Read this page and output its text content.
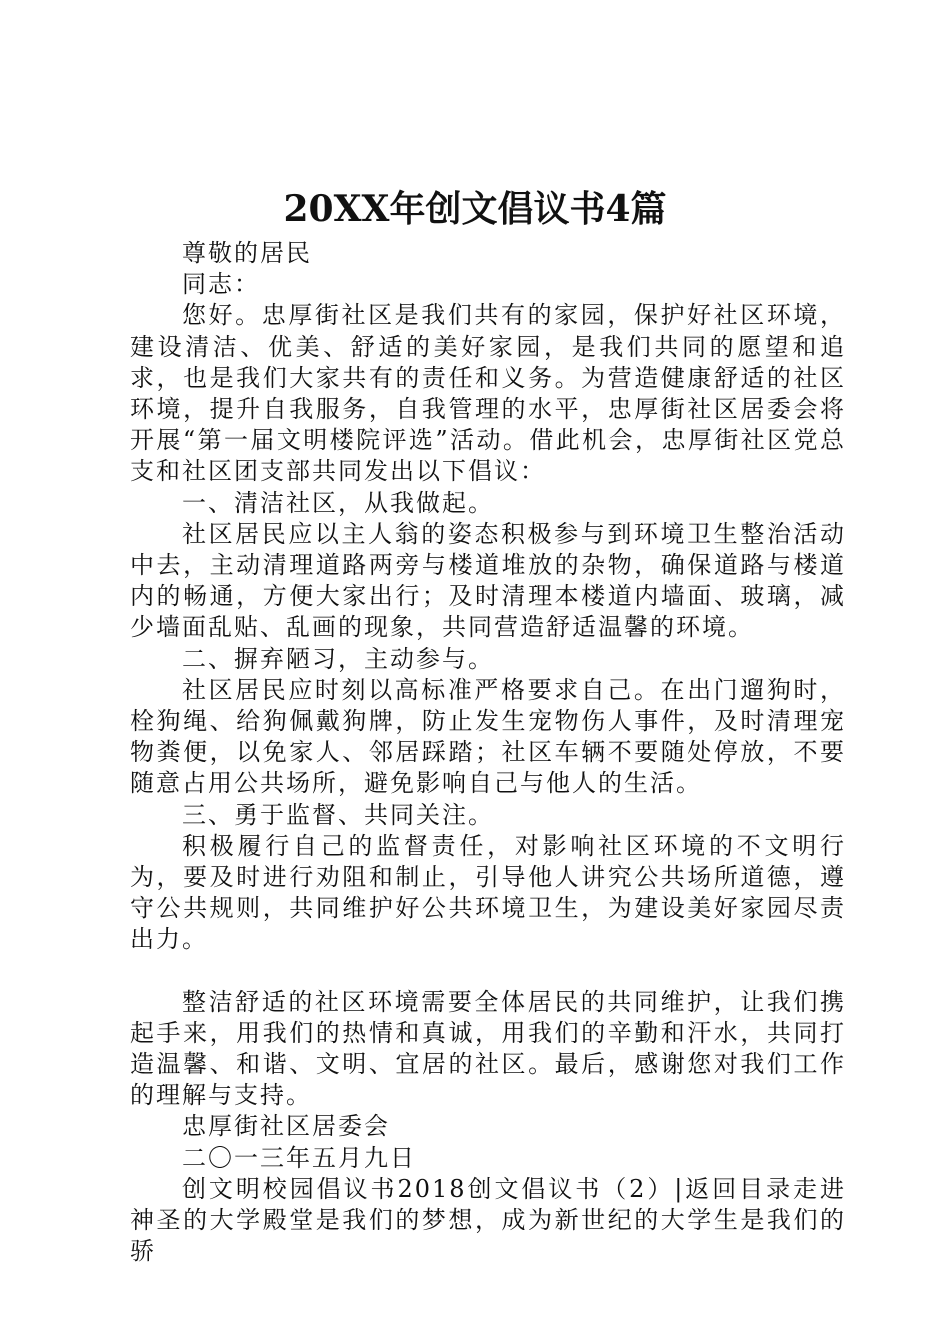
20XX年创文倡议书4篇

尊敬的居民

同志：

您好。忠厚街社区是我们共有的家园，保护好社区环境，建设清洁、优美、舒适的美好家园，是我们共同的愿望和追求，也是我们大家共有的责任和义务。为营造健康舒适的社区环境，提升自我服务，自我管理的水平，忠厚街社区居委会将开展“第一届文明楼院评选”活动。借此机会，忠厚街社区党总支和社区团支部共同发出以下倡议：

一、清洁社区，从我做起。

社区居民应以主人翁的姿态积极参与到环境卫生整治活动中去，主动清理道路两旁与楼道堆放的杂物，确保道路与楼道内的畅通，方便大家出行；及时清理本楼道内墙面、玻璃，减少墙面乱贴、乱画的现象，共同营造舒适温馨的环境。

二、摒弃陋习，主动参与。

社区居民应时刻以高标准严格要求自己。在出门遛狗时，栓狗绳、给狗佩戴狗牌，防止发生宠物伤人事件，及时清理宠物粪便，以免家人、邻居踩踏；社区车辆不要随处停放，不要随意占用公共场所，避免影响自己与他人的生活。

三、勇于监督、共同关注。

积极履行自己的监督责任，对影响社区环境的不文明行为，要及时进行劝阻和制止，引导他人讲究公共场所道德，遵守公共规则，共同维护好公共环境卫生，为建设美好家园尽责出力。

整洁舒适的社区环境需要全体居民的共同维护，让我们携起手来，用我们的热情和真诚，用我们的辛勤和汗水，共同打造温馨、和谐、文明、宜居的社区。最后，感谢您对我们工作的理解与支持。

忠厚街社区居委会

二〇一三年五月九日

创文明校园倡议书2018创文倡议书（2）|返回目录走进神圣的大学殿堂是我们的梦想，成为新世纪的大学生是我们的骄
